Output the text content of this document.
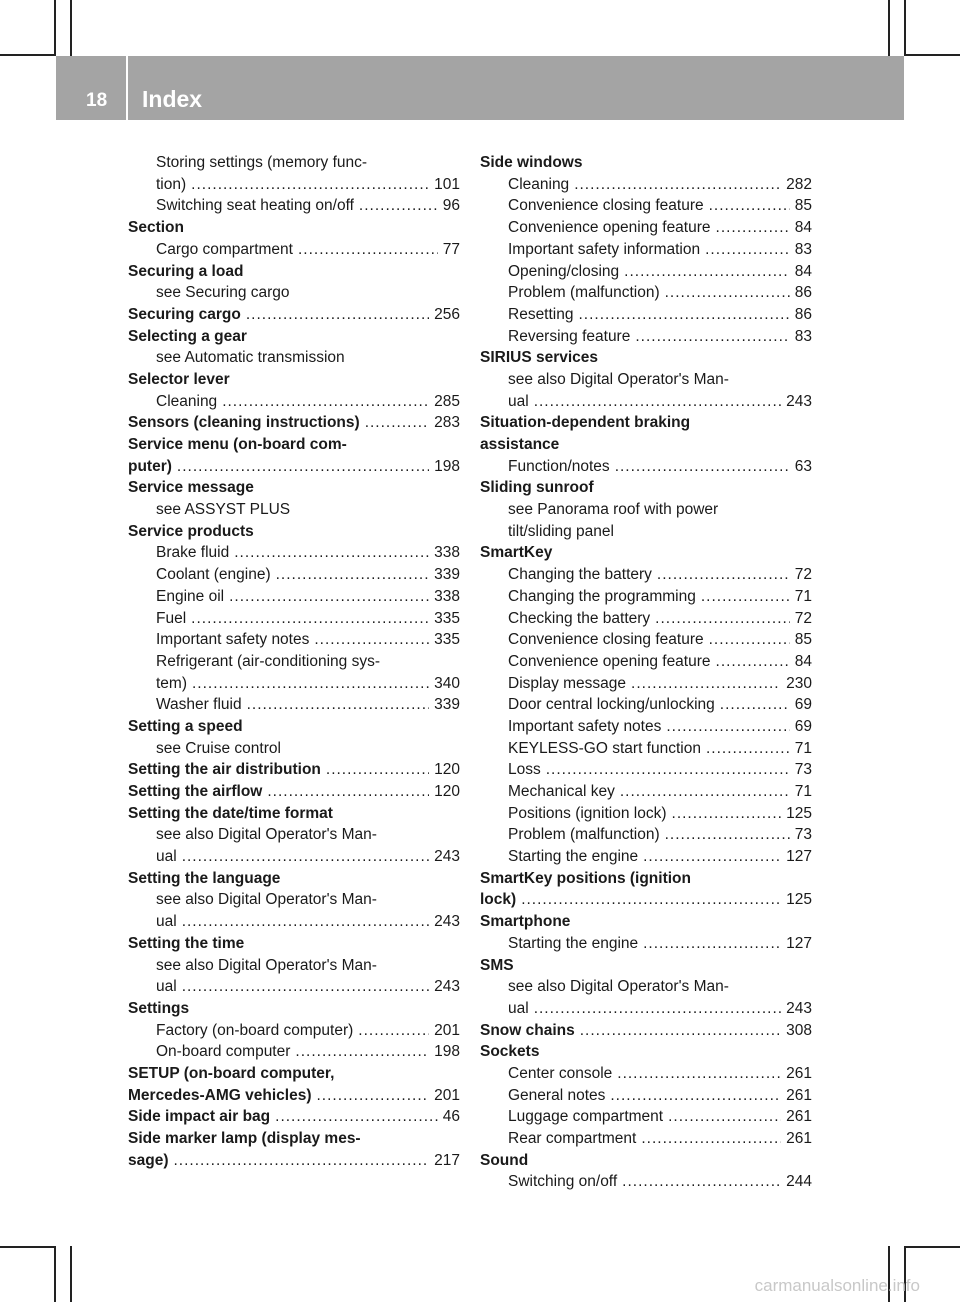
18 Index
Storing settings (memory func-
tion) .....	101
Switching seat heating on/off .....	96
Section
Cargo compartment .....	77
Securing a load
see Securing cargo
Securing cargo .....	256
Selecting a gear
see Automatic transmission
Selector lever
Cleaning .....	285
Sensors (cleaning instructions) .....	283
Service menu (on-board com-
puter) .....	198
Service message
see ASSYST PLUS
Service products
Brake fluid .....	338
Coolant (engine) .....	339
Engine oil .....	338
Fuel .....	335
Important safety notes .....	335
Refrigerant (air-conditioning sys-
tem) .....	340
Washer fluid .....	339
Setting a speed
see Cruise control
Setting the air distribution .....	120
Setting the airflow .....	120
Setting the date/time format
see also Digital Operator's Man-
ual .....	243
Setting the language
see also Digital Operator's Man-
ual .....	243
Setting the time
see also Digital Operator's Man-
ual .....	243
Settings
Factory (on-board computer) .....	201
On-board computer .....	198
SETUP (on-board computer,
Mercedes-AMG vehicles) .....	201
Side impact air bag .....	46
Side marker lamp (display mes-
sage) .....	217
Side windows
Cleaning .....	282
Convenience closing feature .....	85
Convenience opening feature .....	84
Important safety information .....	83
Opening/closing .....	84
Problem (malfunction) .....	86
Resetting .....	86
Reversing feature .....	83
SIRIUS services
see also Digital Operator's Man-
ual .....	243
Situation-dependent braking
assistance
Function/notes .....	63
Sliding sunroof
see Panorama roof with power
tilt/sliding panel
SmartKey
Changing the battery .....	72
Changing the programming .....	71
Checking the battery .....	72
Convenience closing feature .....	85
Convenience opening feature .....	84
Display message .....	230
Door central locking/unlocking .....	69
Important safety notes .....	69
KEYLESS-GO start function .....	71
Loss .....	73
Mechanical key .....	71
Positions (ignition lock) .....	125
Problem (malfunction) .....	73
Starting the engine .....	127
SmartKey positions (ignition
lock) .....	125
Smartphone
Starting the engine .....	127
SMS
see also Digital Operator's Man-
ual .....	243
Snow chains .....	308
Sockets
Center console .....	261
General notes .....	261
Luggage compartment .....	261
Rear compartment .....	261
Sound
Switching on/off .....	244
carmanualsonline.info
